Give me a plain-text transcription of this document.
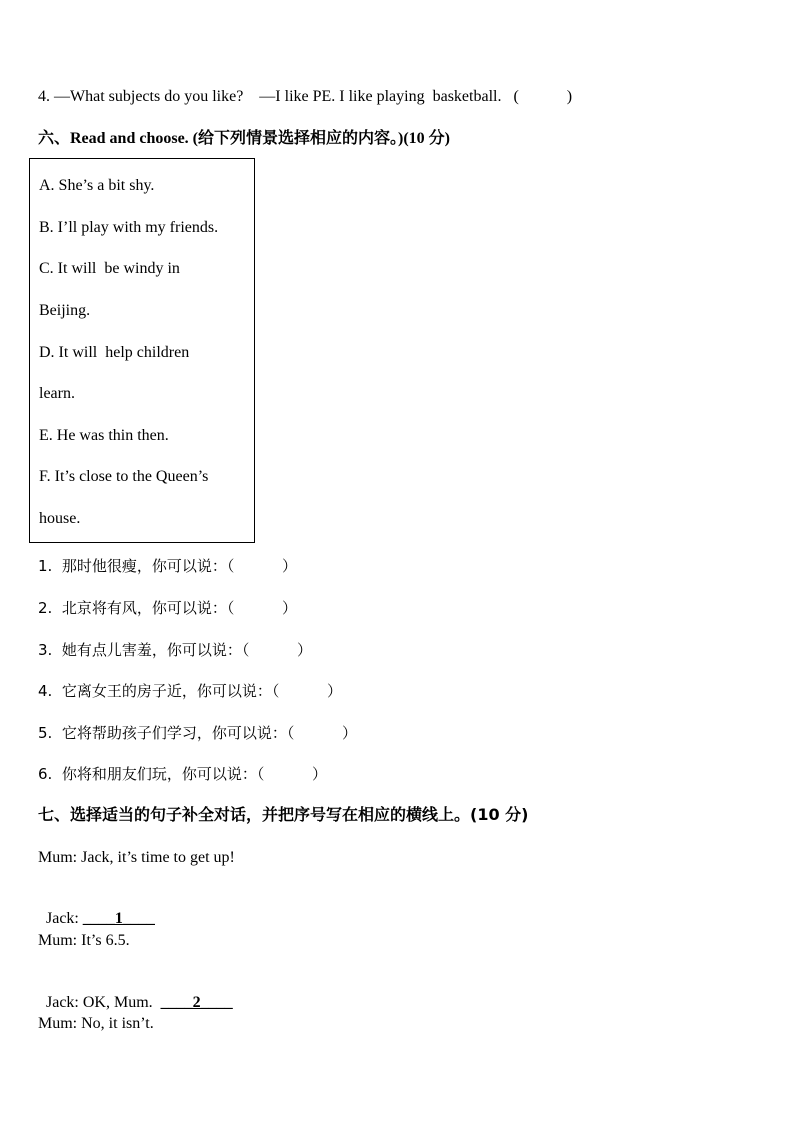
4. —What subjects do you like?    —I like PE. I like playing  basketball.   (            )
六、Read and choose. (给下列情景选择相应的内容。)(10 分)
A. She’s a bit shy.
B. I’ll play with my friends.
C. It will  be windy in
Beijing.
D. It will  help children
learn.
E. He was thin then.
F. It’s close to the Queen’s
house.
1.  那时他很瘦，你可以说：（          ）
2.  北京将有风，你可以说：（          ）
3.  她有点儿害羞，你可以说：（          ）
4.  它离女王的房子近，你可以说：（          ）
5.  它将帮助孩子们学习，你可以说：（          ）
6.  你将和朋友们玩，你可以说：（          ）
七、选择适当的句子补全对话，并把序号写在相应的横线上。(10 分)
Mum: Jack, it’s time to get up!

Jack: ____1____

Mum: It’s 6.5.

Jack: OK, Mum.  ____2____

Mum: No, it isn’t.
